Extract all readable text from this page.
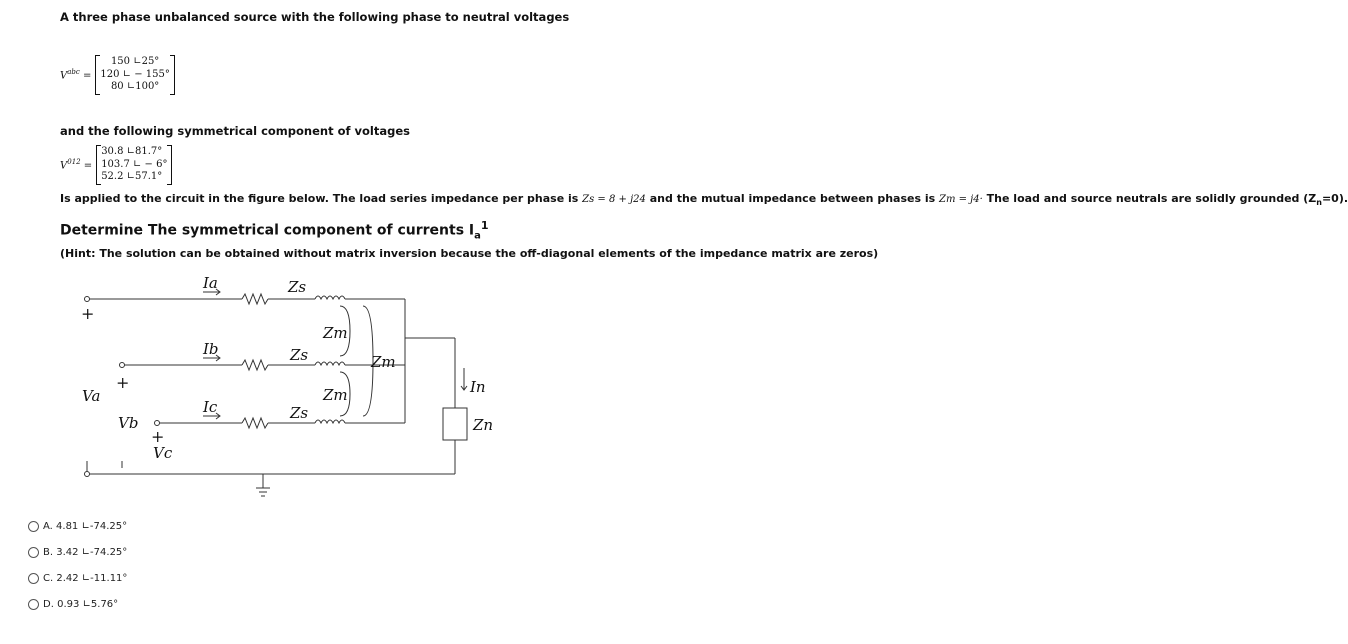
A three phase unbalanced source with the following phase to neutral voltages
$V^{abc}$ =
150 ∟25°
120 ∟ − 155°
80 ∟100°
and the following symmetrical component of voltages
$V^{012}$ =
30.8 ∟81.7°
103.7 ∟ − 6°
52.2 ∟57.1°
Is applied to the circuit in the figure below. The load series impedance per phase is Zs = 8 + j24 and the mutual impedance between phases is Zm = j4· The load and source neutrals are solidly grounded $(Z_n=0)$.
Determine The symmetrical component of currents $I_a^1$
(Hint: The solution can be obtained without matrix inversion because the off-diagonal elements of the impedance matrix are zeros)
Ia
Ib
Ic
Zs
Zs
Zs
Zm
Zm
Zm
Va
Vb
Vc
In
Zn
+
+
+
A.
4.81 ∟-74.25°
B.
3.42 ∟-74.25°
C.
2.42 ∟-11.11°
D.
0.93 ∟5.76°
